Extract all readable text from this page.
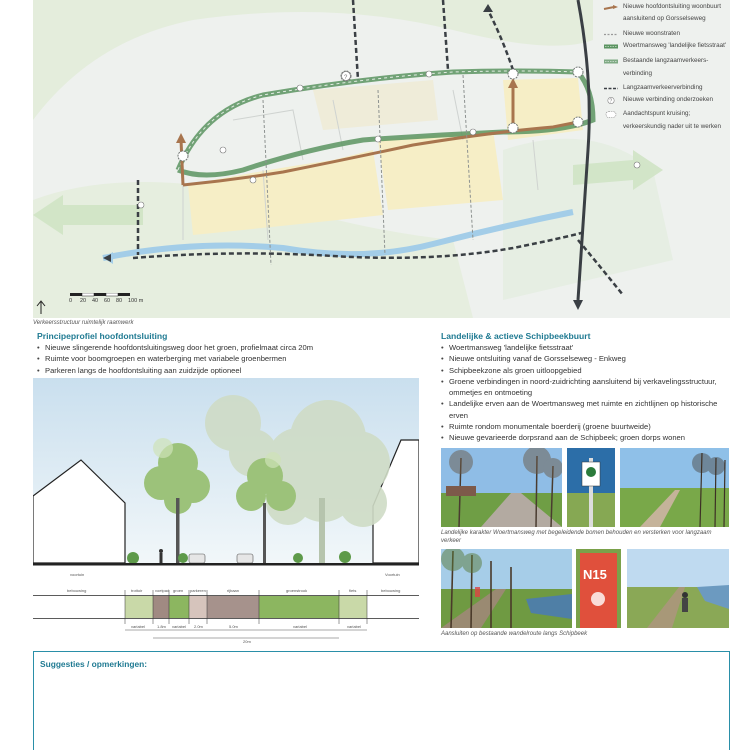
?
Nieuwe hoofdontsluiting woonbuurt
aansluitend op Gorsselseweg
Nieuwe woonstraten
Woertmansweg 'landelijke fietsstraat'
Bestaande langzaamverkeers-
verbinding
Langzaamverkeerverbinding
? Nieuwe verbinding onderzoeken
Aandachtspunt kruising;
verkeerskundig nader uit te werken
0 20 40 60 80 100 m
Verkeersstructuur ruimtelijk raamwerk
Principeprofiel hoofdontsluiting
• Nieuwe slingerende hoofdontsluitingsweg door het groen, profielmaat circa 20m
• Ruimte voor boomgroepen en waterberging met variabele groenbermen
• Parkeren langs de hoofdontsluiting aan zuidzijde optioneel
voortuin	Voortuin
bebouwing	bebouwing
trottoir	voetpad groen parkeren	rijbaan	groenstrook	fiets
variabel	1.8m variabel 2.0m	5.0m	variabel	variabel
20m
Landelijke & actieve Schipbeekbuurt
• Woertmansweg 'landelijke fietsstraat'
• Nieuwe ontsluiting vanaf de Gorsselseweg - Enkweg
• Schipbeekzone als groen uitloopgebied
• Groene verbindingen in noord-zuidrichting aansluitend bij verkavelingsstructuur, ommetjes en ontmoeting
• Landelijke erven aan de Woertmansweg met ruimte en zichtlijnen op historische erven
• Ruimte rondom monumentale boerderij (groene buurtweide)
• Nieuwe gevarieerde dorpsrand aan de Schipbeek; groen dorps wonen
Landelijke karakter Woertmansweg met begeleidende bomen behouden en versterken voor langzaam verkeer
N15
Aansluiten op bestaande wandelroute langs Schipbeek
Suggesties / opmerkingen:
